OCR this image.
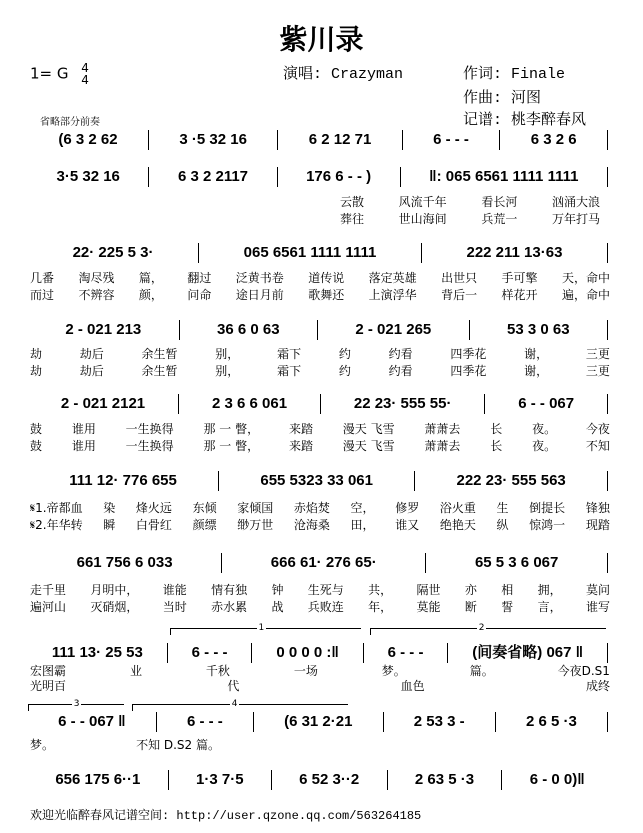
紫川录
1= G 4
4	演唱: Crazyman	作词: Finale
作曲: 河图
记谱: 桃李醉春风
省略部分前奏
1	2
3	4
(6 3 2 62	3 ·5 32 16	6 2 12 71	6 - - -	6 3 2 6
3·5 32 16	6 3 2 2117	176 6 - - )	‖: 065 6561 1111 1111
云散	风流千年	看长河	汹涌大浪
葬往	世山海间	兵荒一	万年打马
22· 225 5 3·	065 6561 1111 1111	222 211 13·63
几番 淘尽残 篇， 翻过 泛黄书卷 道传说 落定英雄 出世只 手可擎 天，命中
而过 不辨容 颜， 问命 途日月前 歌舞还 上演浮华 背后一 样花开 遍，命中
2 - 021 213	36 6 0 63	2 - 021 265	53 3 0 63
劫	劫后	余生暂	别，	霜下	约	约看	四季花	谢，	三更
劫	劫后	余生暂	别，	霜下	约	约看	四季花	谢，	三更
2 - 021 2121	2 3 6 6 061	22 23· 555 55·	6 - - 067
鼓 谁用 一生换得 那 一 瞥， 来踏 漫天 飞雪 萧萧去 长 夜。 今夜
鼓 谁用 一生换得 那 一 瞥， 来踏 漫天 飞雪 萧萧去 长 夜。 不知
111 12· 776 655	655 5323 33 061	222 23· 555 563
𝄋1.帝都血 染 烽火远 东倾 家倾国 赤焰焚 空， 修罗 浴火重 生 倒提长 锋独
𝄋2.年华转 瞬 白骨红 颜缥 缈万世 沧海桑 田， 谁又 绝艳天 纵 惊鸿一 现踏
661 756 6 033	666 61· 276 65·	65 5 3 6 067
走千里 月明中， 谁能 情有独 钟 生死与 共， 隔世 亦 相 拥， 莫问
遍河山 灭硝烟， 当时 赤水累 战 兵败连 年， 莫能 断 誓 言， 谁写
111 13· 25 53	6 - - -	0 0 0 0 :‖	6 - - -	(间奏省略) 067 ‖
宏图霸	业	千秋	一场	梦。	篇。	今夜D.S1
光明百	代	血色	成终
6 - - 067 ‖	6 - - -	(6 31 2·21	2 53 3 -	2 6 5 ·3
梦。	不知 D.S2 篇。
656 175 6··1	1·3 7·5	6 52 3··2	2 63 5 ·3	6 - 0 0)‖
欢迎光临醉春风记谱空间: http://user.qzone.qq.com/563264185
